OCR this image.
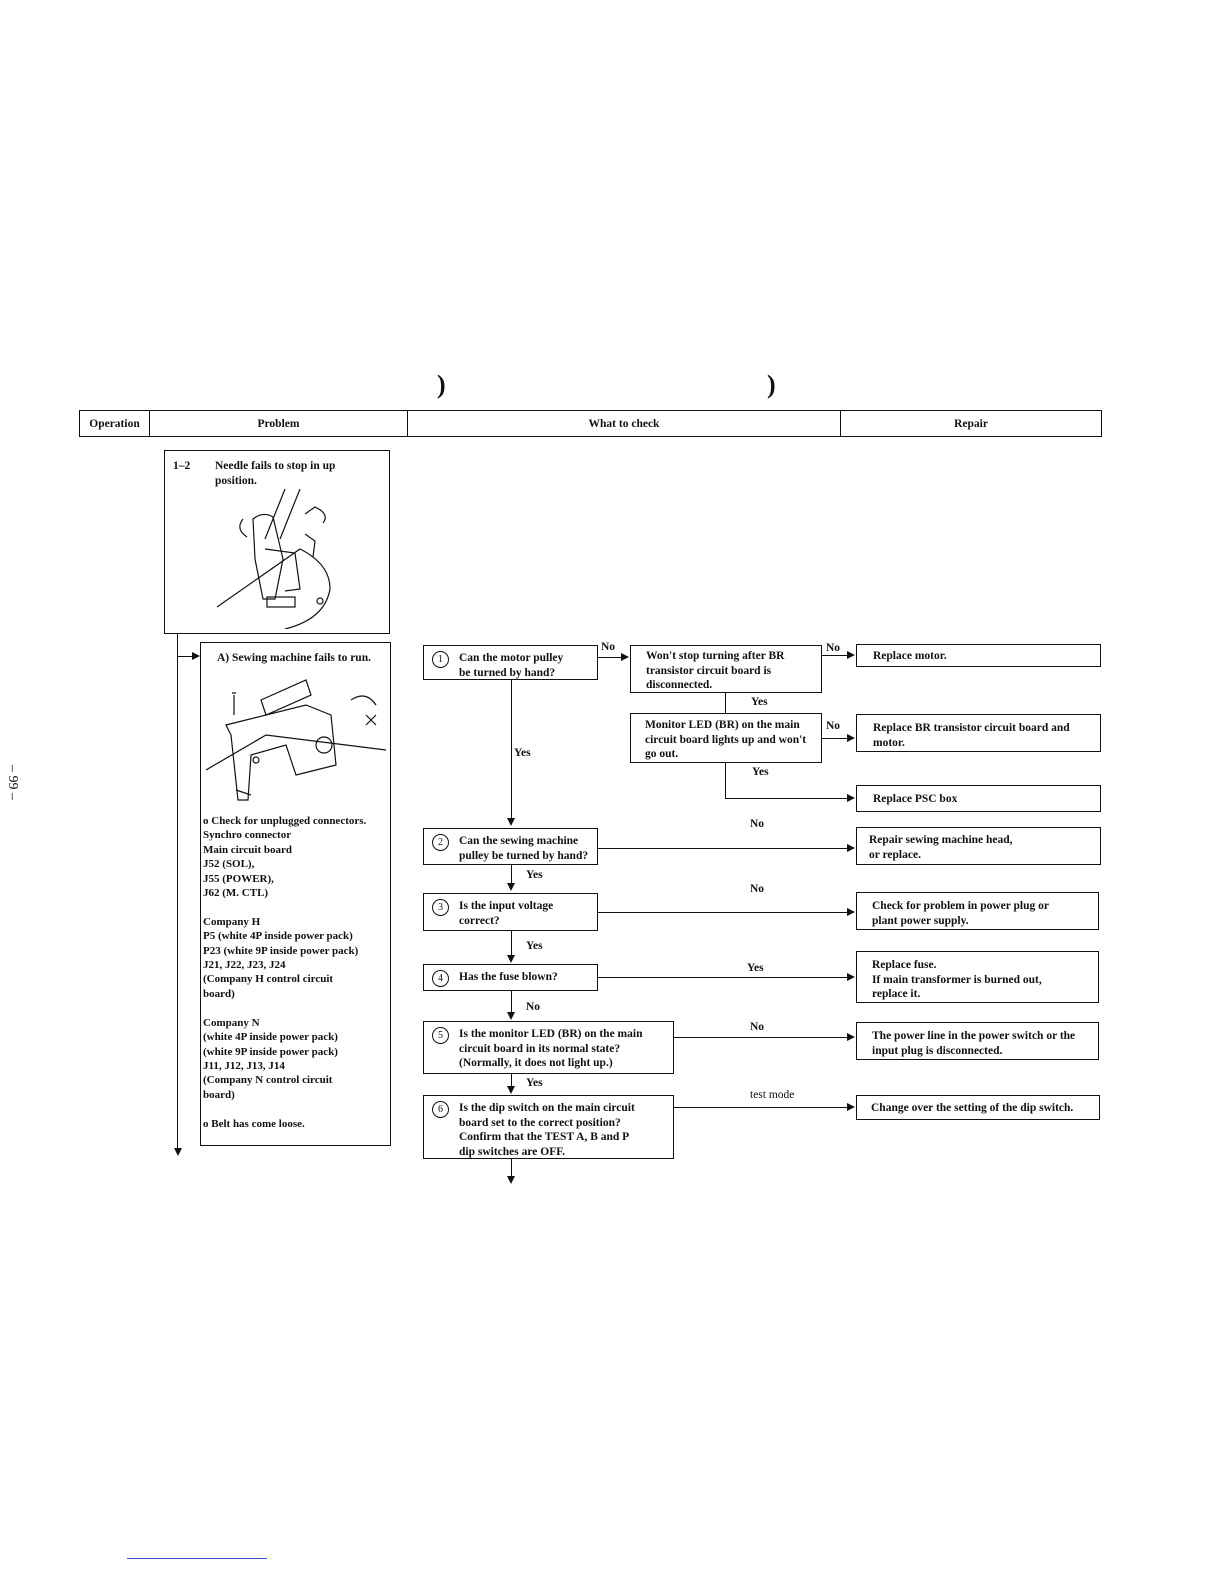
)	)
– 99 –
Operation	Problem	What to check	Repair
1–2	Needle fails to stop in up
position.
A) Sewing machine fails to run.
o Check for unplugged connectors.
Synchro connector
Main circuit board
J52 (SOL),
J55 (POWER),
J62 (M. CTL)

Company H
P5 (white 4P inside power pack)
P23 (white 9P inside power pack)
J21, J22, J23, J24
(Company H control circuit
board)

Company N
(white 4P inside power pack)
(white 9P inside power pack)
J11, J12, J13, J14
(Company N control circuit
board)

o Belt has come loose.
1	Can the motor pulley
be turned by hand?
No
Won't stop turning after BR
transistor circuit board is
disconnected.
No
Replace motor.
Yes
Monitor LED (BR) on the main
circuit board lights up and won't
go out.
No	Replace BR transistor circuit board and
motor.
Yes
Replace PSC box
Yes
2	Can the sewing machine
pulley be turned by hand?
No
Repair sewing machine head,
or replace.
Yes
3	Is the input voltage
correct?
No
Check for problem in power plug or
plant power supply.
Yes
4	Has the fuse blown?
Yes	Replace fuse.
If main transformer is burned out,
replace it.
No
5	Is the monitor LED (BR) on the main
circuit board in its normal state?
(Normally, it does not light up.)
No
The power line in the power switch or the
input plug is disconnected.
Yes
6	Is the dip switch on the main circuit
board set to the correct position?
Confirm that the TEST A, B and P
dip switches are OFF.
test mode
Change over the setting of the dip switch.
